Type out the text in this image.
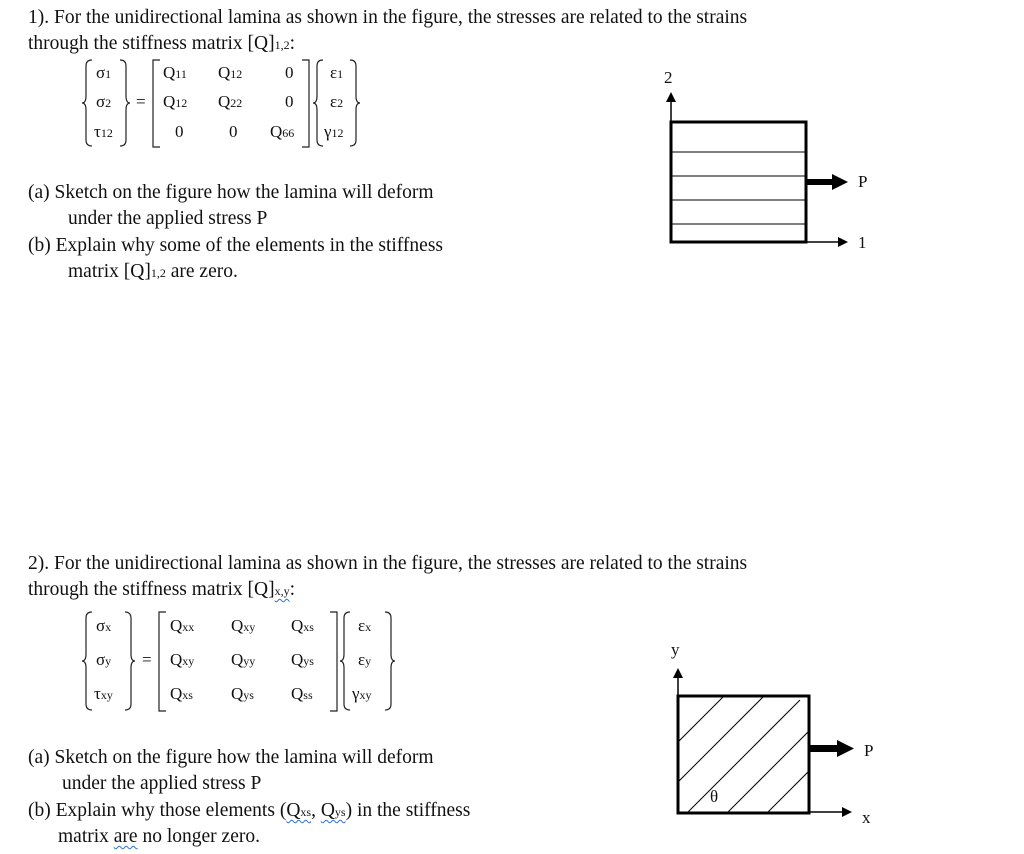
1). For the unidirectional lamina as shown in the figure, the stresses are related to the strains
through the stiffness matrix [Q]1,2:
σ1
σ2
τ12
=
Q11 Q12	0
Q12 Q22	0
0	0 Q66
ε1
ε2
γ12
(a) Sketch on the figure how the lamina will deform
under the applied stress P
(b) Explain why some of the elements in the stiffness
matrix [Q]1,2 are zero.
2
1
P
2). For the unidirectional lamina as shown in the figure, the stresses are related to the strains
through the stiffness matrix [Q]x,y:
σx
σy
τxy
=
Qxx Qxy Qxs
Qxy Qyy Qys
Qxs Qys Qss
εx
εy
γxy
(a) Sketch on the figure how the lamina will deform
under the applied stress P
(b) Explain why those elements (Qxs, Qys) in the stiffness
matrix are no longer zero.
y
x
P
θ
